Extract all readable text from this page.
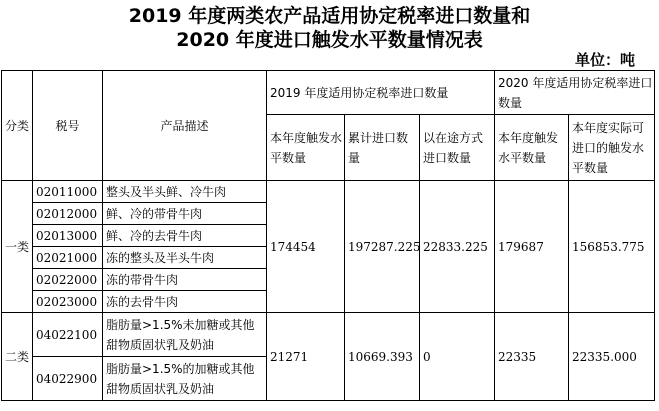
2019 年度两类农产品适用协定税率进口数量和
2020 年度进口触发水平数量情况表
单位：吨
分类	税号	产品描述	2019 年度适用协定税率进口数量			2020 年度适用协定税率进口数量	
			本年度触发水平数量	累计进口数量	以在途方式进口数量	本年度触发水平数量	本年度实际可进口的触发水平数量
一类	02011000	整头及半头鲜、冷牛肉	174454	197287.225	22833.225	179687	156853.775
	02012000	鲜、冷的带骨牛肉					
	02013000	鲜、冷的去骨牛肉					
	02021000	冻的整头及半头牛肉					
	02022000	冻的带骨牛肉					
	02023000	冻的去骨牛肉					
二类	04022100	脂肪量>1.5%未加糖或其他甜物质固状乳及奶油	21271	10669.393	0	22335	22335.000
	04022900	脂肪量>1.5%的加糖或其他甜物质固状乳及奶油					
